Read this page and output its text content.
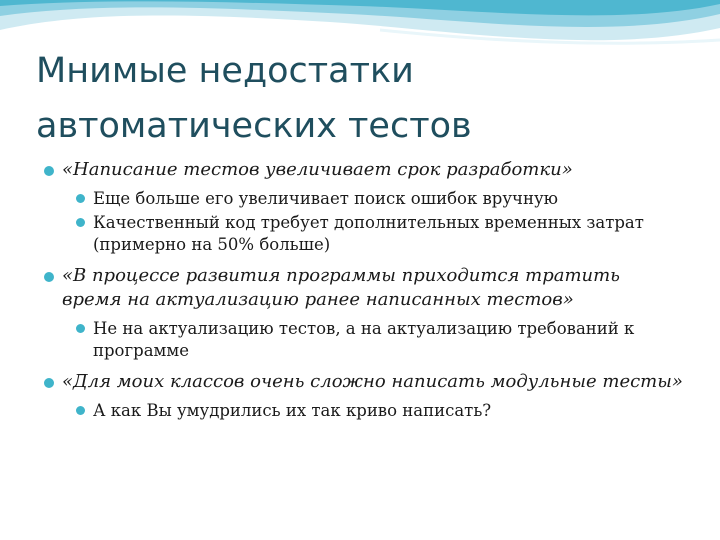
Мнимые недостатки
автоматических тестов

«Написание тестов увеличивает срок разработки»

Еще больше его увеличивает поиск ошибок вручную

Качественный код требует дополнительных временных затрат (примерно на 50% больше)

«В процессе развития программы приходится тратить время на актуализацию ранее написанных тестов»

Не на актуализацию тестов, а на актуализацию требований к программе

«Для моих классов очень сложно написать модульные тесты»

А как Вы умудрились их так криво написать?
